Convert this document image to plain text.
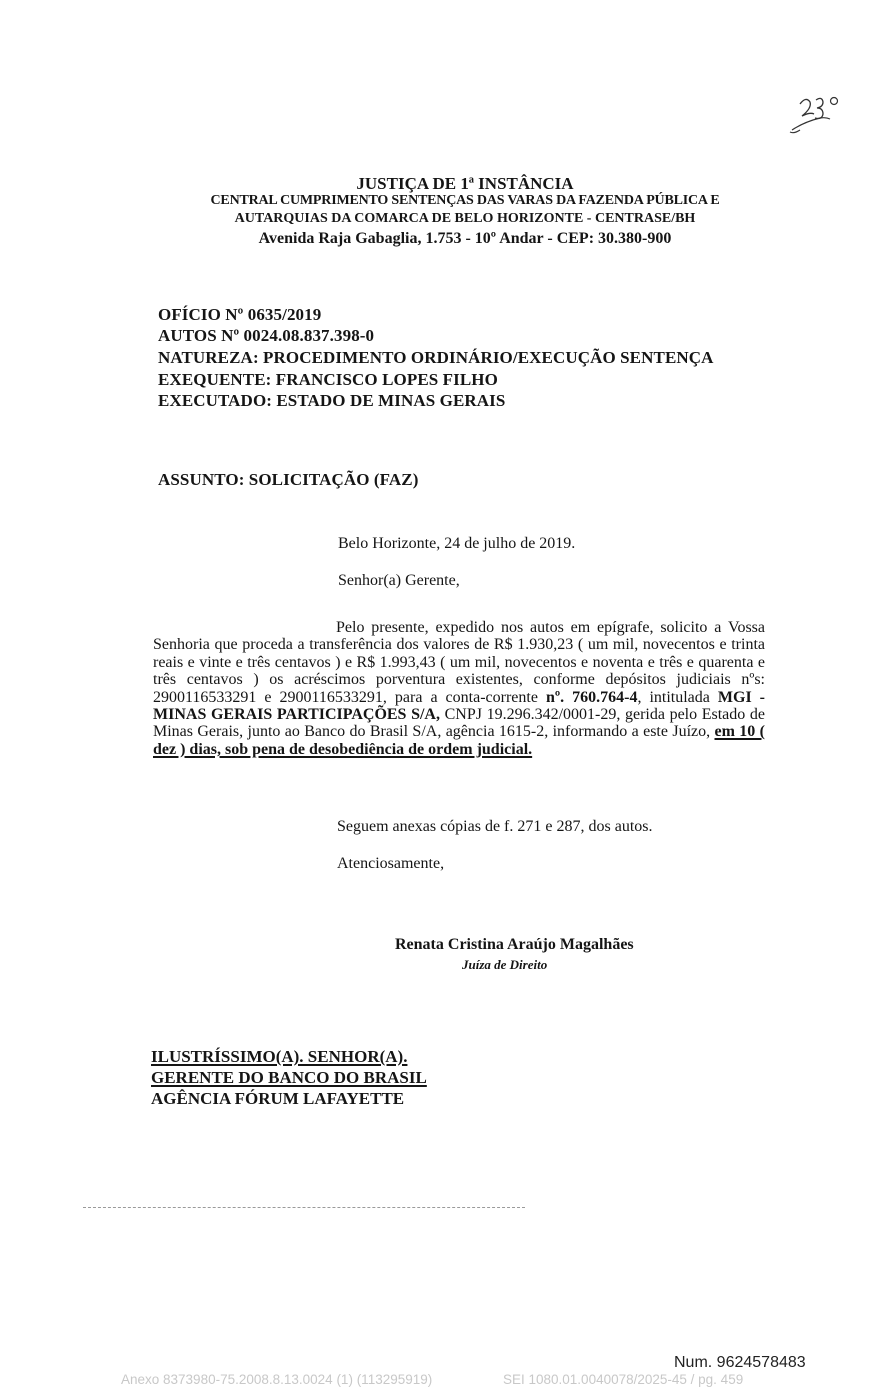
JUSTIÇA DE 1ª INSTÂNCIA
CENTRAL CUMPRIMENTO SENTENÇAS DAS VARAS DA FAZENDA PÚBLICA E
AUTARQUIAS DA COMARCA DE BELO HORIZONTE - CENTRASE/BH
Avenida Raja Gabaglia, 1.753 - 10º Andar - CEP: 30.380-900
OFÍCIO Nº 0635/2019
AUTOS Nº 0024.08.837.398-0
NATUREZA: PROCEDIMENTO ORDINÁRIO/EXECUÇÃO SENTENÇA
EXEQUENTE: FRANCISCO LOPES FILHO
EXECUTADO: ESTADO DE MINAS GERAIS
ASSUNTO: SOLICITAÇÃO (FAZ)
Belo Horizonte, 24 de julho de 2019.
Senhor(a) Gerente,

Pelo presente, expedido nos autos em epígrafe, solicito a Vossa Senhoria que proceda a transferência dos valores de R$ 1.930,23 ( um mil, novecentos e trinta reais e vinte e três centavos ) e R$ 1.993,43 ( um mil, novecentos e noventa e três e quarenta e três centavos ) os acréscimos porventura existentes, conforme depósitos judiciais nºs: 2900116533291 e 2900116533291, para a conta-corrente nº. 760.764-4, intitulada MGI - MINAS GERAIS PARTICIPAÇÕES S/A, CNPJ 19.296.342/0001-29, gerida pelo Estado de Minas Gerais, junto ao Banco do Brasil S/A, agência 1615-2, informando a este Juízo, em 10 ( dez ) dias, sob pena de desobediência de ordem judicial.

Seguem anexas cópias de f. 271 e 287, dos autos.
Atenciosamente,
Renata Cristina Araújo Magalhães
Juíza de Direito
ILUSTRÍSSIMO(A). SENHOR(A).
GERENTE DO BANCO DO BRASIL
AGÊNCIA FÓRUM LAFAYETTE
Num. 9624578483
Anexo 8373980-75.2008.8.13.0024 (1) (113295919)	SEI 1080.01.0040078/2025-45 / pg. 459
